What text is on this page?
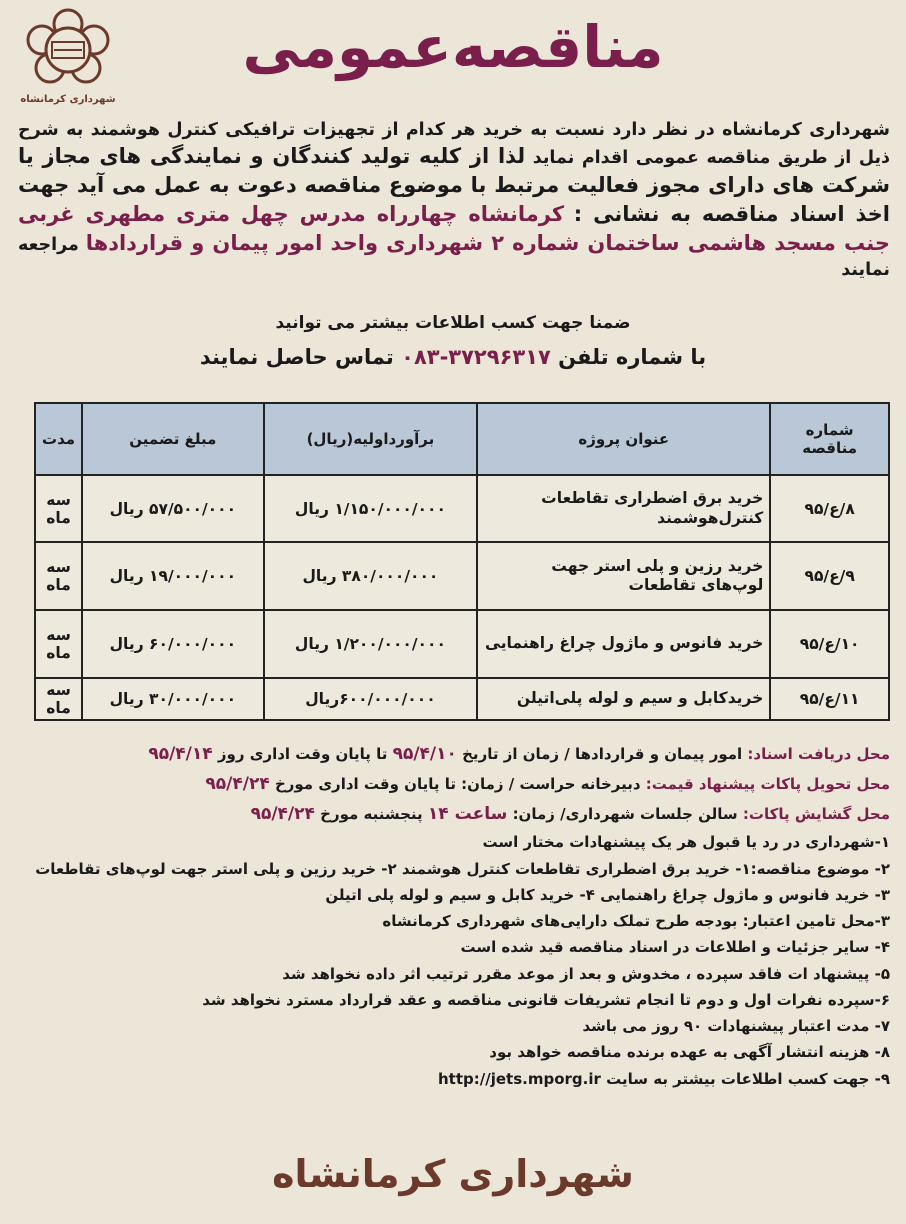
شهرداری کرمانشاه
مناقصه‌عمومی
شهرداری کرمانشاه در نظر دارد نسبت به خرید هر کدام از تجهیزات ترافیکی کنترل هوشمند به شرح ذیل از طریق مناقصه عمومی اقدام نماید لذا از کلیه تولید کنندگان و نمایندگی های مجاز یا شرکت های دارای مجوز فعالیت مرتبط با موضوع مناقصه دعوت به عمل می آید جهت اخذ اسناد مناقصه به نشانی : کرمانشاه چهارراه مدرس چهل متری مطهری غربی جنب مسجد هاشمی ساختمان شماره ۲ شهرداری واحد امور پیمان و قراردادها مراجعه نمایند
ضمنا جهت کسب اطلاعات بیشتر می توانید
با شماره تلفن ۰۸۳-۳۷۲۹۶۳۱۷ تماس حاصل نمایند
شماره مناقصه	عنوان پروژه	برآورداولیه(ریال)	مبلغ تضمین	مدت
۸/ع/۹۵	خرید برق اضطراری تقاطعات کنترل‌هوشمند	۱/۱۵۰/۰۰۰/۰۰۰ ریال	۵۷/۵۰۰/۰۰۰ ریال	سه ماه
۹/ع/۹۵	خرید رزین و پلی استر جهت لوپ‌های تقاطعات	۳۸۰/۰۰۰/۰۰۰ ریال	۱۹/۰۰۰/۰۰۰ ریال	سه ماه
۱۰/ع/۹۵	خرید فانوس و ماژول چراغ راهنمایی	۱/۲۰۰/۰۰۰/۰۰۰ ریال	۶۰/۰۰۰/۰۰۰ ریال	سه ماه
۱۱/ع/۹۵	خرید‌کابل و سیم و لوله پلی‌اتیلن	۶۰۰/۰۰۰/۰۰۰ریال	۳۰/۰۰۰/۰۰۰ ریال	سه ماه
محل دریافت اسناد: امور پیمان و قراردادها / زمان از تاریخ ۹۵/۴/۱۰ تا پایان وقت اداری روز ۹۵/۴/۱۴
محل تحویل پاکات پیشنهاد قیمت: دبیرخانه حراست / زمان: تا پایان وقت اداری مورخ ۹۵/۴/۲۴
محل گشایش پاکات: سالن جلسات شهرداری/ زمان: ساعت ۱۴ پنجشنبه مورخ ۹۵/۴/۲۴
۱-شهرداری در رد یا قبول هر یک پیشنهادات مختار است
۲- موضوع مناقصه:۱- خرید برق اضطراری تقاطعات کنترل هوشمند ۲- خرید رزین و پلی استر جهت لوپ‌های تقاطعات
۳- خرید فانوس و ماژول چراغ راهنمایی ۴- خرید کابل و سیم و لوله پلی اتیلن
۳-محل تامین اعتبار: بودجه طرح تملک دارایی‌های شهرداری کرمانشاه
۴- سایر جزئیات و اطلاعات در اسناد مناقصه قید شده است
۵- پیشنهاد ات فاقد سپرده ، مخدوش و بعد از موعد مقرر ترتیب اثر داده نخواهد شد
۶-سپرده نفرات اول و دوم تا انجام تشریفات قانونی مناقصه و عقد قرارداد مسترد نخواهد شد
۷- مدت اعتبار پیشنهادات ۹۰ روز می باشد
۸- هزینه انتشار آگهی به عهده برنده مناقصه خواهد بود
۹- جهت کسب اطلاعات بیشتر به سایت http://jets.mporg.ir
شهرداری کرمانشاه
